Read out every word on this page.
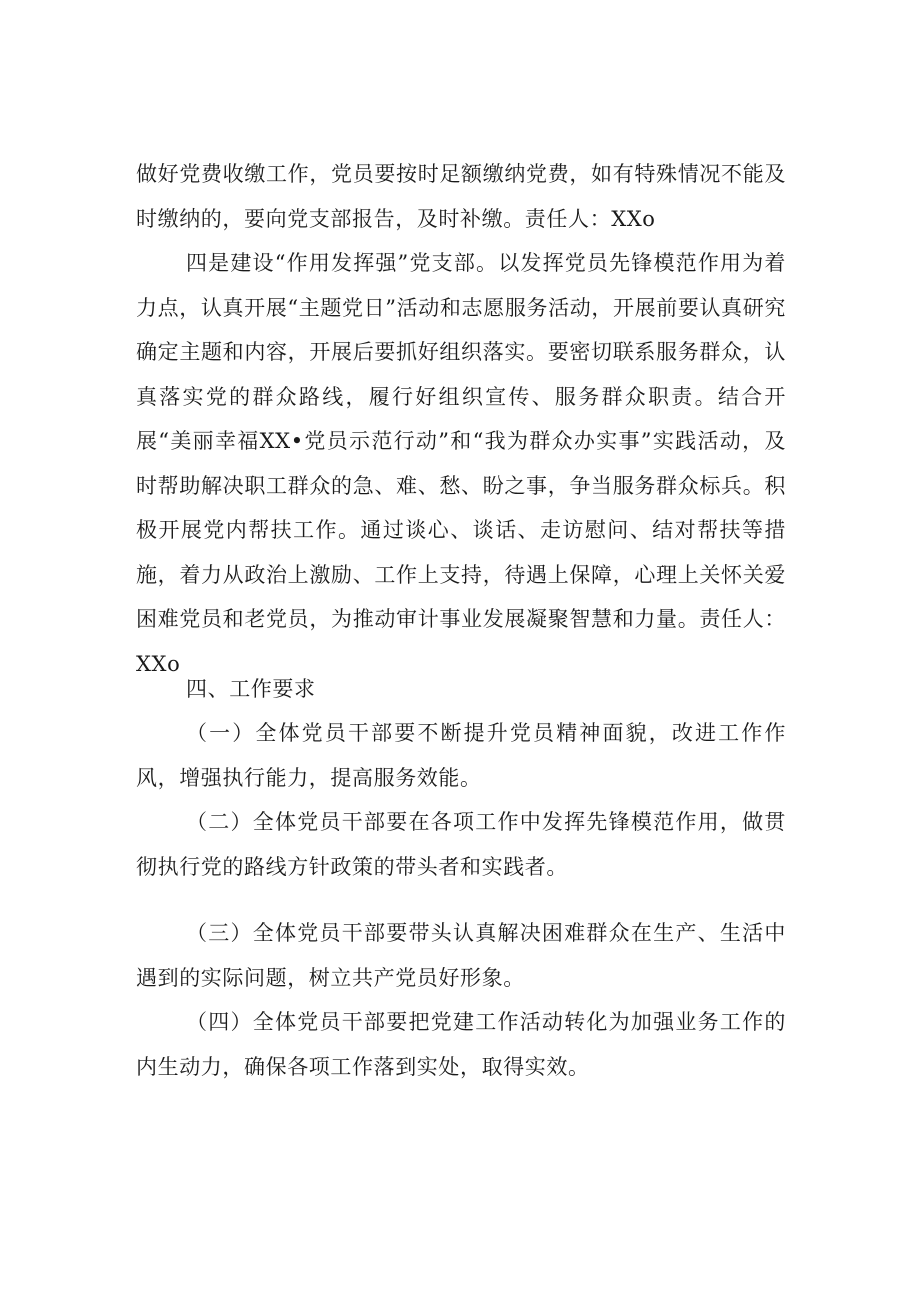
做好党费收缴工作，党员要按时足额缴纳党费，如有特殊情况不能及时缴纳的，要向党支部报告，及时补缴。责任人：XXo

四是建设“作用发挥强”党支部。以发挥党员先锋模范作用为着力点，认真开展“主题党日”活动和志愿服务活动，开展前要认真研究确定主题和内容，开展后要抓好组织落实。要密切联系服务群众，认真落实党的群众路线，履行好组织宣传、服务群众职责。结合开展“美丽幸福XX•党员示范行动”和“我为群众办实事”实践活动，及时帮助解决职工群众的急、难、愁、盼之事，争当服务群众标兵。积极开展党内帮扶工作。通过谈心、谈话、走访慰问、结对帮扶等措施，着力从政治上激励、工作上支持，待遇上保障，心理上关怀关爱困难党员和老党员，为推动审计事业发展凝聚智慧和力量。责任人：XXo

四、工作要求

（一）全体党员干部要不断提升党员精神面貌，改进工作作风，增强执行能力，提高服务效能。

（二）全体党员干部要在各项工作中发挥先锋模范作用，做贯彻执行党的路线方针政策的带头者和实践者。

（三）全体党员干部要带头认真解决困难群众在生产、生活中遇到的实际问题，树立共产党员好形象。

（四）全体党员干部要把党建工作活动转化为加强业务工作的内生动力，确保各项工作落到实处，取得实效。
